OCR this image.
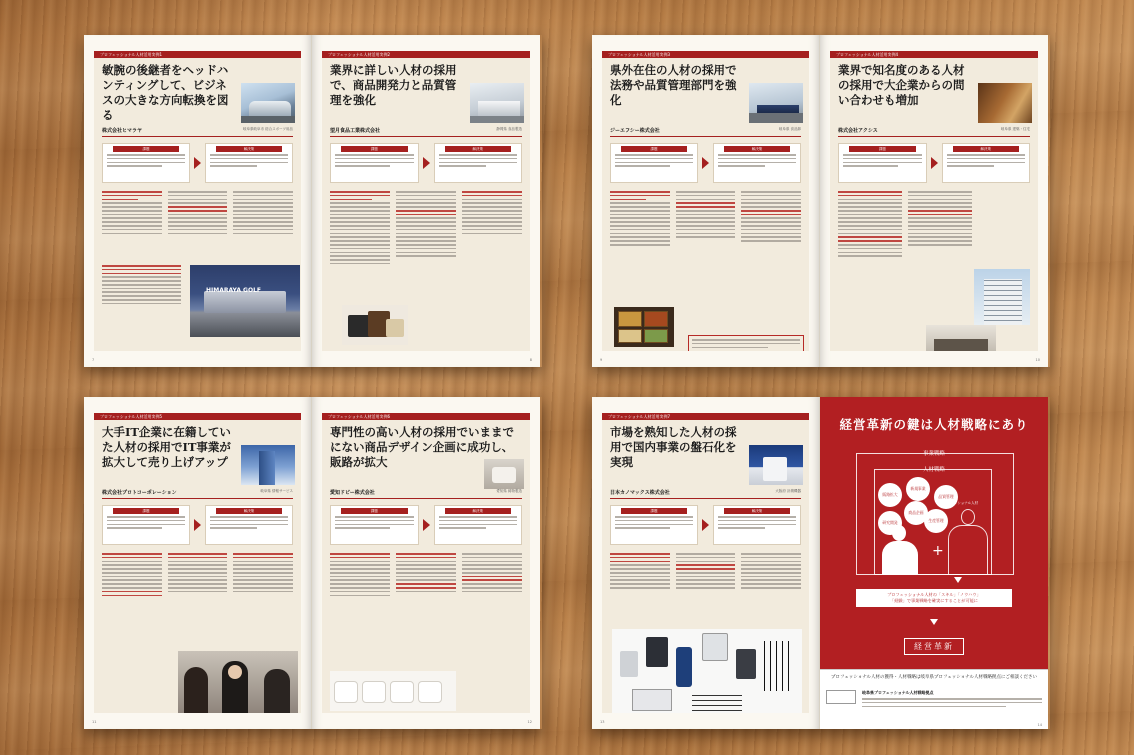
プロフェッショナル人材活用実例1
敏腕の後継者をヘッドハンティングして、ビジネスの大きな方向転換を図る
株式会社ヒマラヤ	岐阜県岐阜市 総合スポーツ用品
課題	解決策
HIMARAYA GOLF
7
プロフェッショナル人材活用実例2
業界に詳しい人材の採用で、商品開発力と品質管理を強化
望月食品工業株式会社	静岡県 食品製造
課題	解決策
8
プロフェッショナル人材活用実例3
県外在住の人材の採用で法務や品質管理部門を強化
ジーエフシー株式会社	岐阜県 食品卸
課題	解決策
9
プロフェッショナル人材活用実例4
業界で知名度のある人材の採用で大企業からの問い合わせも増加
株式会社アクシス	岐阜県 建築・住宅
課題	解決策
10
プロフェッショナル人材活用実例5
大手IT企業に在籍していた人材の採用でIT事業が拡大して売り上げアップ
株式会社プロトコーポレーション	岐阜県 情報サービス
課題	解決策
11
プロフェッショナル人材活用実例6
専門性の高い人材の採用でいままでにない商品デザイン企画に成功し、販路が拡大
愛知ドビー株式会社	愛知県 鋳物製造
課題	解決策
12
プロフェッショナル人材活用実例7
市場を熟知した人材の採用で国内事業の盤石化を実現
日本カノマックス株式会社	大阪府 計測機器
課題	解決策
13
経営革新の鍵は人材戦略にあり
事業戦略
人材戦略
販路拡大
新規事業
研究開発
品質管理
生産管理
商品企画
+
プロフェッショナル人材
プロフェッショナル人材の「スキル」「ノウハウ」
「経験」で事業戦略を確実にすることが可能に
経営革新
プロフェッショナル人材の獲得・人材戦略は岐阜県プロフェッショナル人材戦略拠点にご相談ください
岐阜県プロフェッショナル人材戦略拠点
14
